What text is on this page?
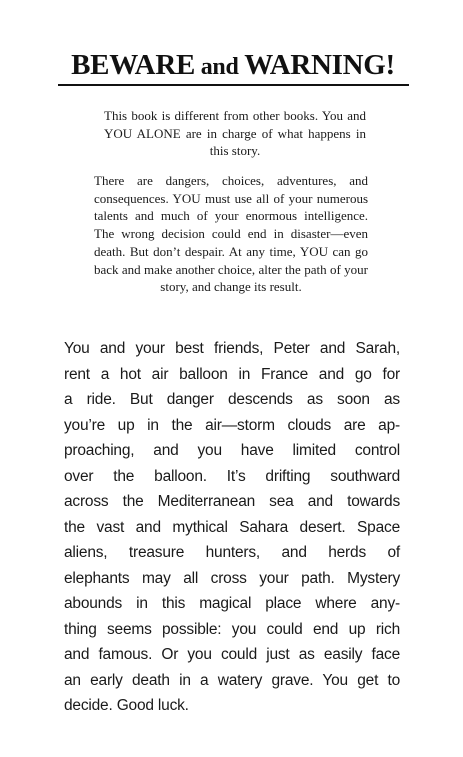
BEWARE and WARNING!

This book is different from other books. You and YOU ALONE are in charge of what happens in this story.

There are dangers, choices, adventures, and consequences. YOU must use all of your numerous talents and much of your enormous intelligence. The wrong decision could end in disaster—even death. But don’t despair. At any time, YOU can go back and make another choice, alter the path of your story, and change its result.

You and your best friends, Peter and Sarah,
rent a hot air balloon in France and go for
a ride. But danger descends as soon as
you’re up in the air—storm clouds are ap-
proaching, and you have limited control
over the balloon. It’s drifting southward
across the Mediterranean sea and towards
the vast and mythical Sahara desert. Space
aliens, treasure hunters, and herds of
elephants may all cross your path. Mystery
abounds in this magical place where any-
thing seems possible: you could end up rich
and famous. Or you could just as easily face
an early death in a watery grave. You get to
decide. Good luck.
